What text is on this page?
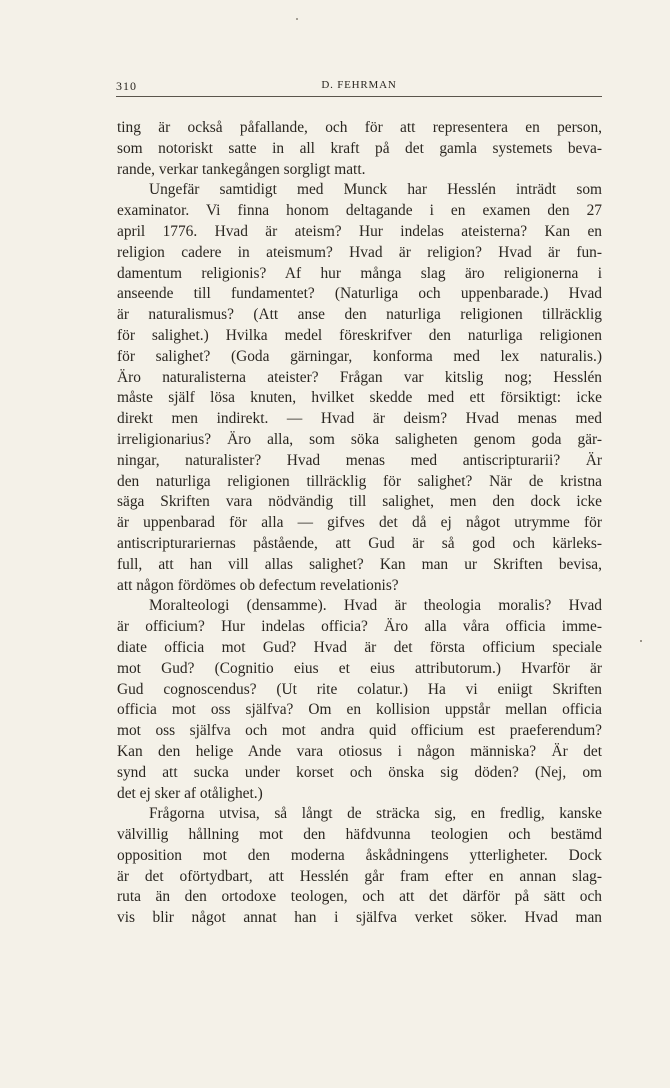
310	D. FEHRMAN
ting är också påfallande, och för att representera en person,
som notoriskt satte in all kraft på det gamla systemets beva-
rande, verkar tankegången sorgligt matt.
Ungefär samtidigt med Munck har Hesslén inträdt som
examinator. Vi finna honom deltagande i en examen den 27
april 1776. Hvad är ateism? Hur indelas ateisterna? Kan en
religion cadere in ateismum? Hvad är religion? Hvad är fun-
damentum religionis? Af hur många slag äro religionerna i
anseende till fundamentet? (Naturliga och uppenbarade.) Hvad
är naturalismus? (Att anse den naturliga religionen tillräcklig
för salighet.) Hvilka medel föreskrifver den naturliga religionen
för salighet? (Goda gärningar, konforma med lex naturalis.)
Äro naturalisterna ateister? Frågan var kitslig nog; Hesslén
måste själf lösa knuten, hvilket skedde med ett försiktigt: icke
direkt men indirekt. — Hvad är deism? Hvad menas med
irreligionarius? Äro alla, som söka saligheten genom goda gär-
ningar, naturalister? Hvad menas med antiscripturarii? Är
den naturliga religionen tillräcklig för salighet? När de kristna
säga Skriften vara nödvändig till salighet, men den dock icke
är uppenbarad för alla — gifves det då ej något utrymme för
antiscripturariernas påstående, att Gud är så god och kärleks-
full, att han vill allas salighet? Kan man ur Skriften bevisa,
att någon fördömes ob defectum revelationis?
Moralteologi (densamme). Hvad är theologia moralis? Hvad
är officium? Hur indelas officia? Äro alla våra officia imme-
diate officia mot Gud? Hvad är det första officium speciale
mot Gud? (Cognitio eius et eius attributorum.) Hvarför är
Gud cognoscendus? (Ut rite colatur.) Ha vi eniigt Skriften
officia mot oss själfva? Om en kollision uppstår mellan officia
mot oss själfva och mot andra quid officium est praeferendum?
Kan den helige Ande vara otiosus i någon människa? Är det
synd att sucka under korset och önska sig döden? (Nej, om
det ej sker af otålighet.)
Frågorna utvisa, så långt de sträcka sig, en fredlig, kanske
välvillig hållning mot den häfdvunna teologien och bestämd
opposition mot den moderna åskådningens ytterligheter. Dock
är det oförtydbart, att Hesslén går fram efter en annan slag-
ruta än den ortodoxe teologen, och att det därför på sätt och
vis blir något annat han i själfva verket söker. Hvad man
